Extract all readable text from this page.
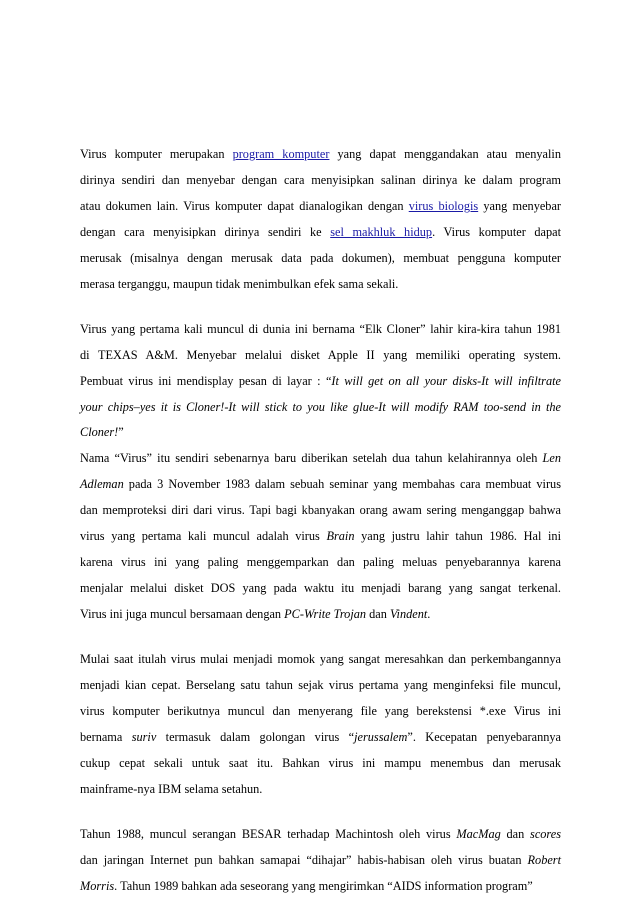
Virus komputer merupakan program komputer yang dapat menggandakan atau menyalin
dirinya sendiri dan menyebar dengan cara menyisipkan salinan dirinya ke dalam program
atau dokumen lain. Virus komputer dapat dianalogikan dengan virus biologis yang menyebar
dengan cara menyisipkan dirinya sendiri ke sel makhluk hidup. Virus komputer dapat
merusak (misalnya dengan merusak data pada dokumen), membuat pengguna komputer
merasa terganggu, maupun tidak menimbulkan efek sama sekali.
Virus yang pertama kali muncul di dunia ini bernama “Elk Cloner” lahir kira-kira tahun 1981
di TEXAS A&M. Menyebar melalui disket Apple II yang memiliki operating system.
Pembuat virus ini mendisplay pesan di layar : “It will get on all your disks-It will infiltrate
your chips–yes it is Cloner!-It will stick to you like glue-It will modify RAM too-send in the
Cloner!”
Nama “Virus” itu sendiri sebenarnya baru diberikan setelah dua tahun kelahirannya oleh Len
Adleman pada 3 November 1983 dalam sebuah seminar yang membahas cara membuat virus
dan memproteksi diri dari virus. Tapi bagi kbanyakan orang awam sering menganggap bahwa
virus yang pertama kali muncul adalah virus Brain yang justru lahir tahun 1986. Hal ini
karena virus ini yang paling menggemparkan dan paling meluas penyebarannya karena
menjalar melalui disket DOS yang pada waktu itu menjadi barang yang sangat terkenal.
Virus ini juga muncul bersamaan dengan PC-Write Trojan dan Vindent.
Mulai saat itulah virus mulai menjadi momok yang sangat meresahkan dan perkembangannya
menjadi kian cepat. Berselang satu tahun sejak virus pertama yang menginfeksi file muncul,
virus komputer berikutnya muncul dan menyerang file yang berekstensi *.exe Virus ini
bernama suriv termasuk dalam golongan virus “jerussalem”. Kecepatan penyebarannya
cukup cepat sekali untuk saat itu. Bahkan virus ini mampu menembus dan merusak
mainframe-nya IBM selama setahun.
Tahun 1988, muncul serangan BESAR terhadap Machintosh oleh virus MacMag dan scores
dan jaringan Internet pun bahkan samapai “dihajar” habis-habisan oleh virus buatan Robert
Morris. Tahun 1989 bahkan ada seseorang yang mengirimkan “AIDS information program”
